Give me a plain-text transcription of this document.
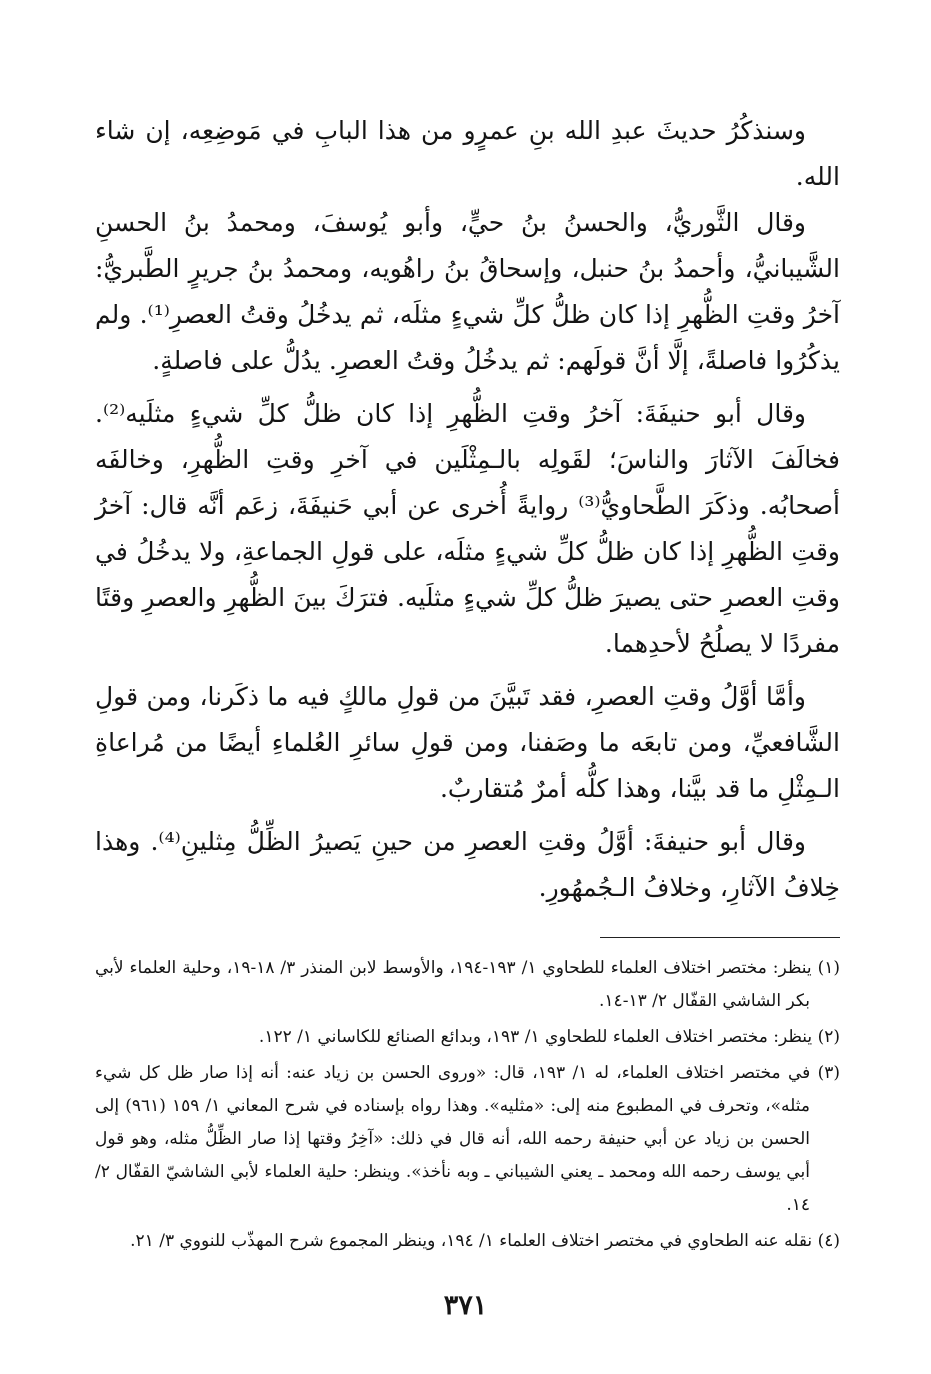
وسنذكُرُ حديثَ عبدِ الله بنِ عمرٍو من هذا البابِ في مَوضِعِه، إن شاء الله.

وقال الثَّوريُّ، والحسنُ بنُ حيٍّ، وأبو يُوسفَ، ومحمدُ بنُ الحسنِ الشَّيبانيُّ، وأحمدُ بنُ حنبل، وإسحاقُ بنُ راهُويه، ومحمدُ بنُ جريرٍ الطَّبريُّ: آخرُ وقتِ الظُّهرِ إذا كان ظلُّ كلِّ شيءٍ مثلَه، ثم يدخُلُ وقتُ العصرِ⁽¹⁾. ولم يذكُرُوا فاصلةً، إلَّا أنَّ قولَهم: ثم يدخُلُ وقتُ العصرِ. يدُلُّ على فاصلةٍ.

وقال أبو حنيفَةَ: آخرُ وقتِ الظُّهرِ إذا كان ظلُّ كلِّ شيءٍ مثلَيه⁽²⁾. فخالَفَ الآثارَ والناسَ؛ لقَولِه بالـمِثْلَين في آخرِ وقتِ الظُّهرِ، وخالفَه أصحابُه. وذكَرَ الطَّحاويُّ⁽³⁾ روايةً أُخرى عن أبي حَنيفَةَ، زعَم أنَّه قال: آخرُ وقتِ الظُّهرِ إذا كان ظلُّ كلِّ شيءٍ مثلَه، على قولِ الجماعةِ، ولا يدخُلُ في وقتِ العصرِ حتى يصيرَ ظلُّ كلِّ شيءٍ مثلَيه. فترَكَ بينَ الظُّهرِ والعصرِ وقتًا مفردًا لا يصلُحُ لأحدِهما.

وأمَّا أوَّلُ وقتِ العصرِ، فقد تَبيَّنَ من قولِ مالكٍ فيه ما ذكَرنا، ومن قولِ الشَّافعيِّ، ومن تابعَه ما وصَفنا، ومن قولِ سائرِ العُلماءِ أيضًا من مُراعاةِ الـمِثْلِ ما قد بيَّنا، وهذا كلُّه أمرٌ مُتقاربٌ.

وقال أبو حنيفةَ: أوَّلُ وقتِ العصرِ من حينِ يَصيرُ الظِّلُّ مِثلينِ⁽⁴⁾. وهذا خِلافُ الآثارِ، وخلافُ الـجُمهُورِ.

(١) ينظر: مختصر اختلاف العلماء للطحاوي ١/ ١٩٣-١٩٤، والأوسط لابن المنذر ٣/ ١٨-١٩، وحلية العلماء لأبي بكر الشاشي القفّال ٢/ ١٣-١٤.

(٢) ينظر: مختصر اختلاف العلماء للطحاوي ١/ ١٩٣، وبدائع الصنائع للكاساني ١/ ١٢٢.

(٣) في مختصر اختلاف العلماء، له ١/ ١٩٣، قال: «وروى الحسن بن زياد عنه: أنه إذا صار ظل كل شيء مثله»، وتحرف في المطبوع منه إلى: «مثليه». وهذا رواه بإسناده في شرح المعاني ١/ ١٥٩ (٩٦١) إلى الحسن بن زياد عن أبي حنيفة رحمه الله، أنه قال في ذلك: «آخِرُ وقتها إذا صار الظِّلُّ مثله، وهو قول أبي يوسف رحمه الله ومحمد ـ يعني الشيباني ـ وبه نأخذ». وينظر: حلية العلماء لأبي الشاشيّ القفّال ٢/ ١٤.

(٤) نقله عنه الطحاوي في مختصر اختلاف العلماء ١/ ١٩٤، وينظر المجموع شرح المهذّب للنووي ٣/ ٢١.

٣٧١
